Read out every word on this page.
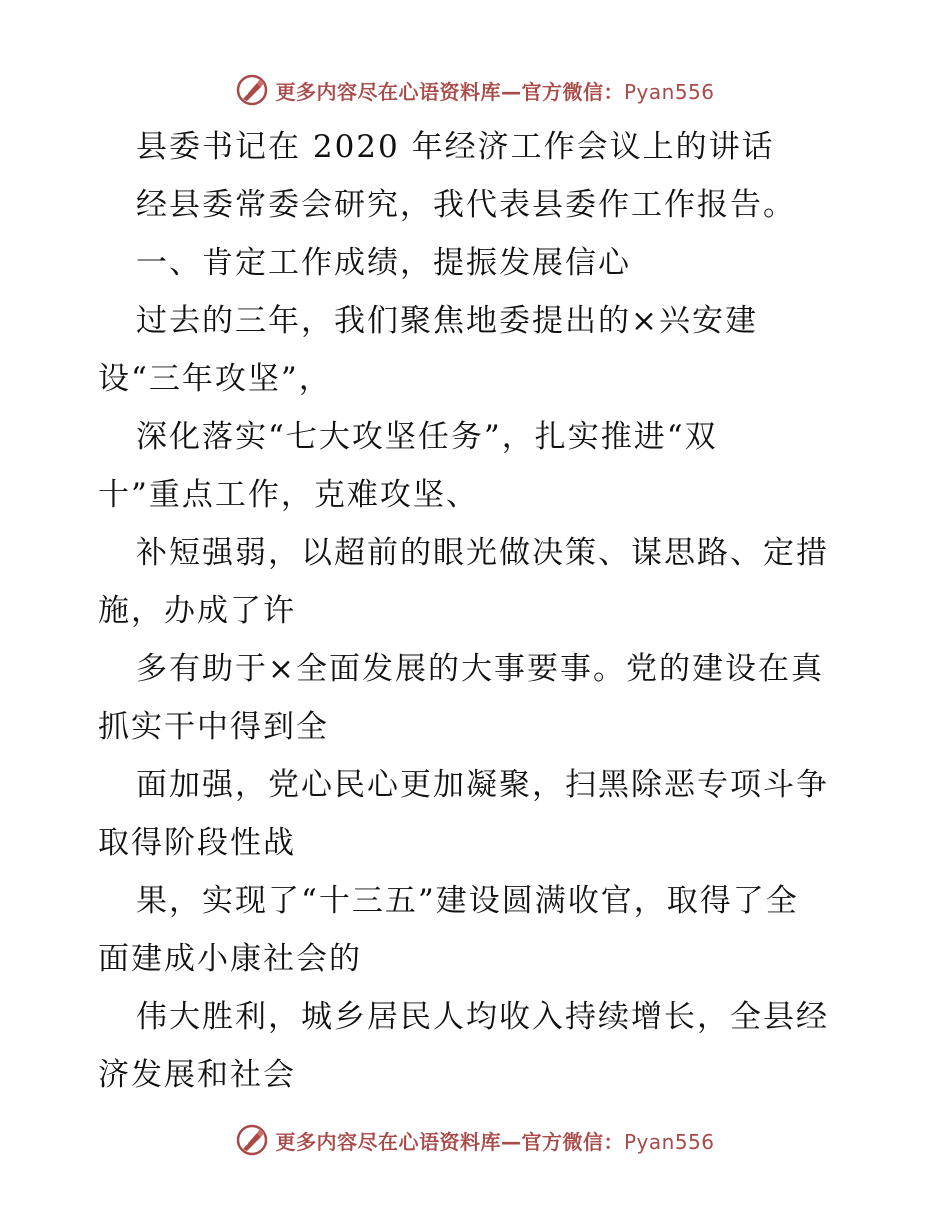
更多内容尽在心语资料库—官方微信：Pyan556
县委书记在 2020 年经济工作会议上的讲话
经县委常委会研究，我代表县委作工作报告。
一、肯定工作成绩，提振发展信心
过去的三年，我们聚焦地委提出的×兴安建
设“三年攻坚”，
深化落实“七大攻坚任务”，扎实推进“双
十”重点工作，克难攻坚、
补短强弱，以超前的眼光做决策、谋思路、定措
施，办成了许
多有助于×全面发展的大事要事。党的建设在真
抓实干中得到全
面加强，党心民心更加凝聚，扫黑除恶专项斗争
取得阶段性战
果，实现了“十三五”建设圆满收官，取得了全
面建成小康社会的
伟大胜利，城乡居民人均收入持续增长，全县经
济发展和社会
更多内容尽在心语资料库—官方微信：Pyan556
